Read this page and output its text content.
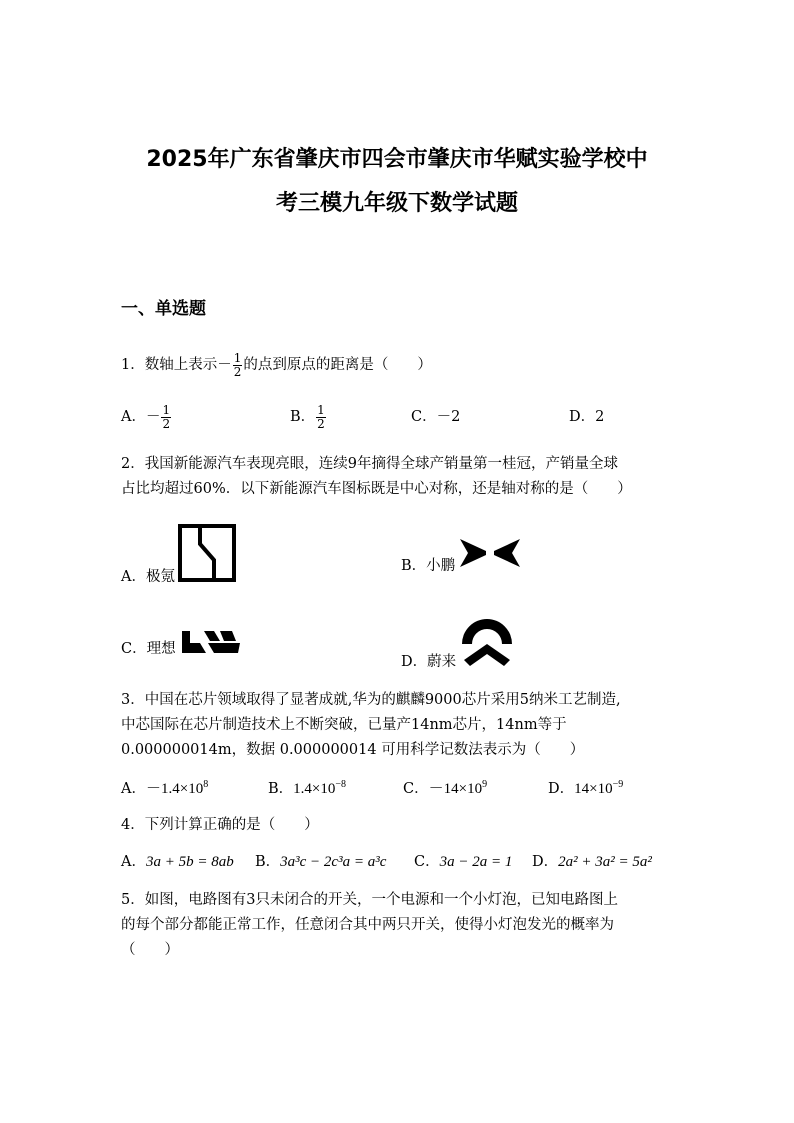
2025年广东省肇庆市四会市肇庆市华赋实验学校中
考三模九年级下数学试题
一、单选题
1．数轴上表示－ $\frac{1}{2}$ 的点到原点的距离是（　　）
A．－ $\frac{1}{2}$	B． $\frac{1}{2}$	C．－2	D．2
2．我国新能源汽车表现亮眼，连续9年摘得全球产销量第一桂冠，产销量全球
占比均超过60%．以下新能源汽车图标既是中心对称，还是轴对称的是（　　）
A．极氪
B．小鹏
C．理想
D．蔚来
3．中国在芯片领域取得了显著成就,华为的麒麟9000芯片采用5纳米工艺制造,
中芯国际在芯片制造技术上不断突破，已量产14nm芯片，14nm等于
0.000000014m，数据 0.000000014 可用科学记数法表示为（　　）
A．$-1.4\times 10^8$	B．$1.4\times 10^{-8}$	C．$-14\times 10^9$	D．$14\times 10^{-9}$
4．下列计算正确的是（　　）
A．3a + 5b = 8ab B．3a³c − 2c³a = a³c C．3a − 2a = 1 D．2a² + 3a² = 5a²
5．如图，电路图有3只未闭合的开关，一个电源和一个小灯泡，已知电路图上
的每个部分都能正常工作，任意闭合其中两只开关，使得小灯泡发光的概率为
（　　）
